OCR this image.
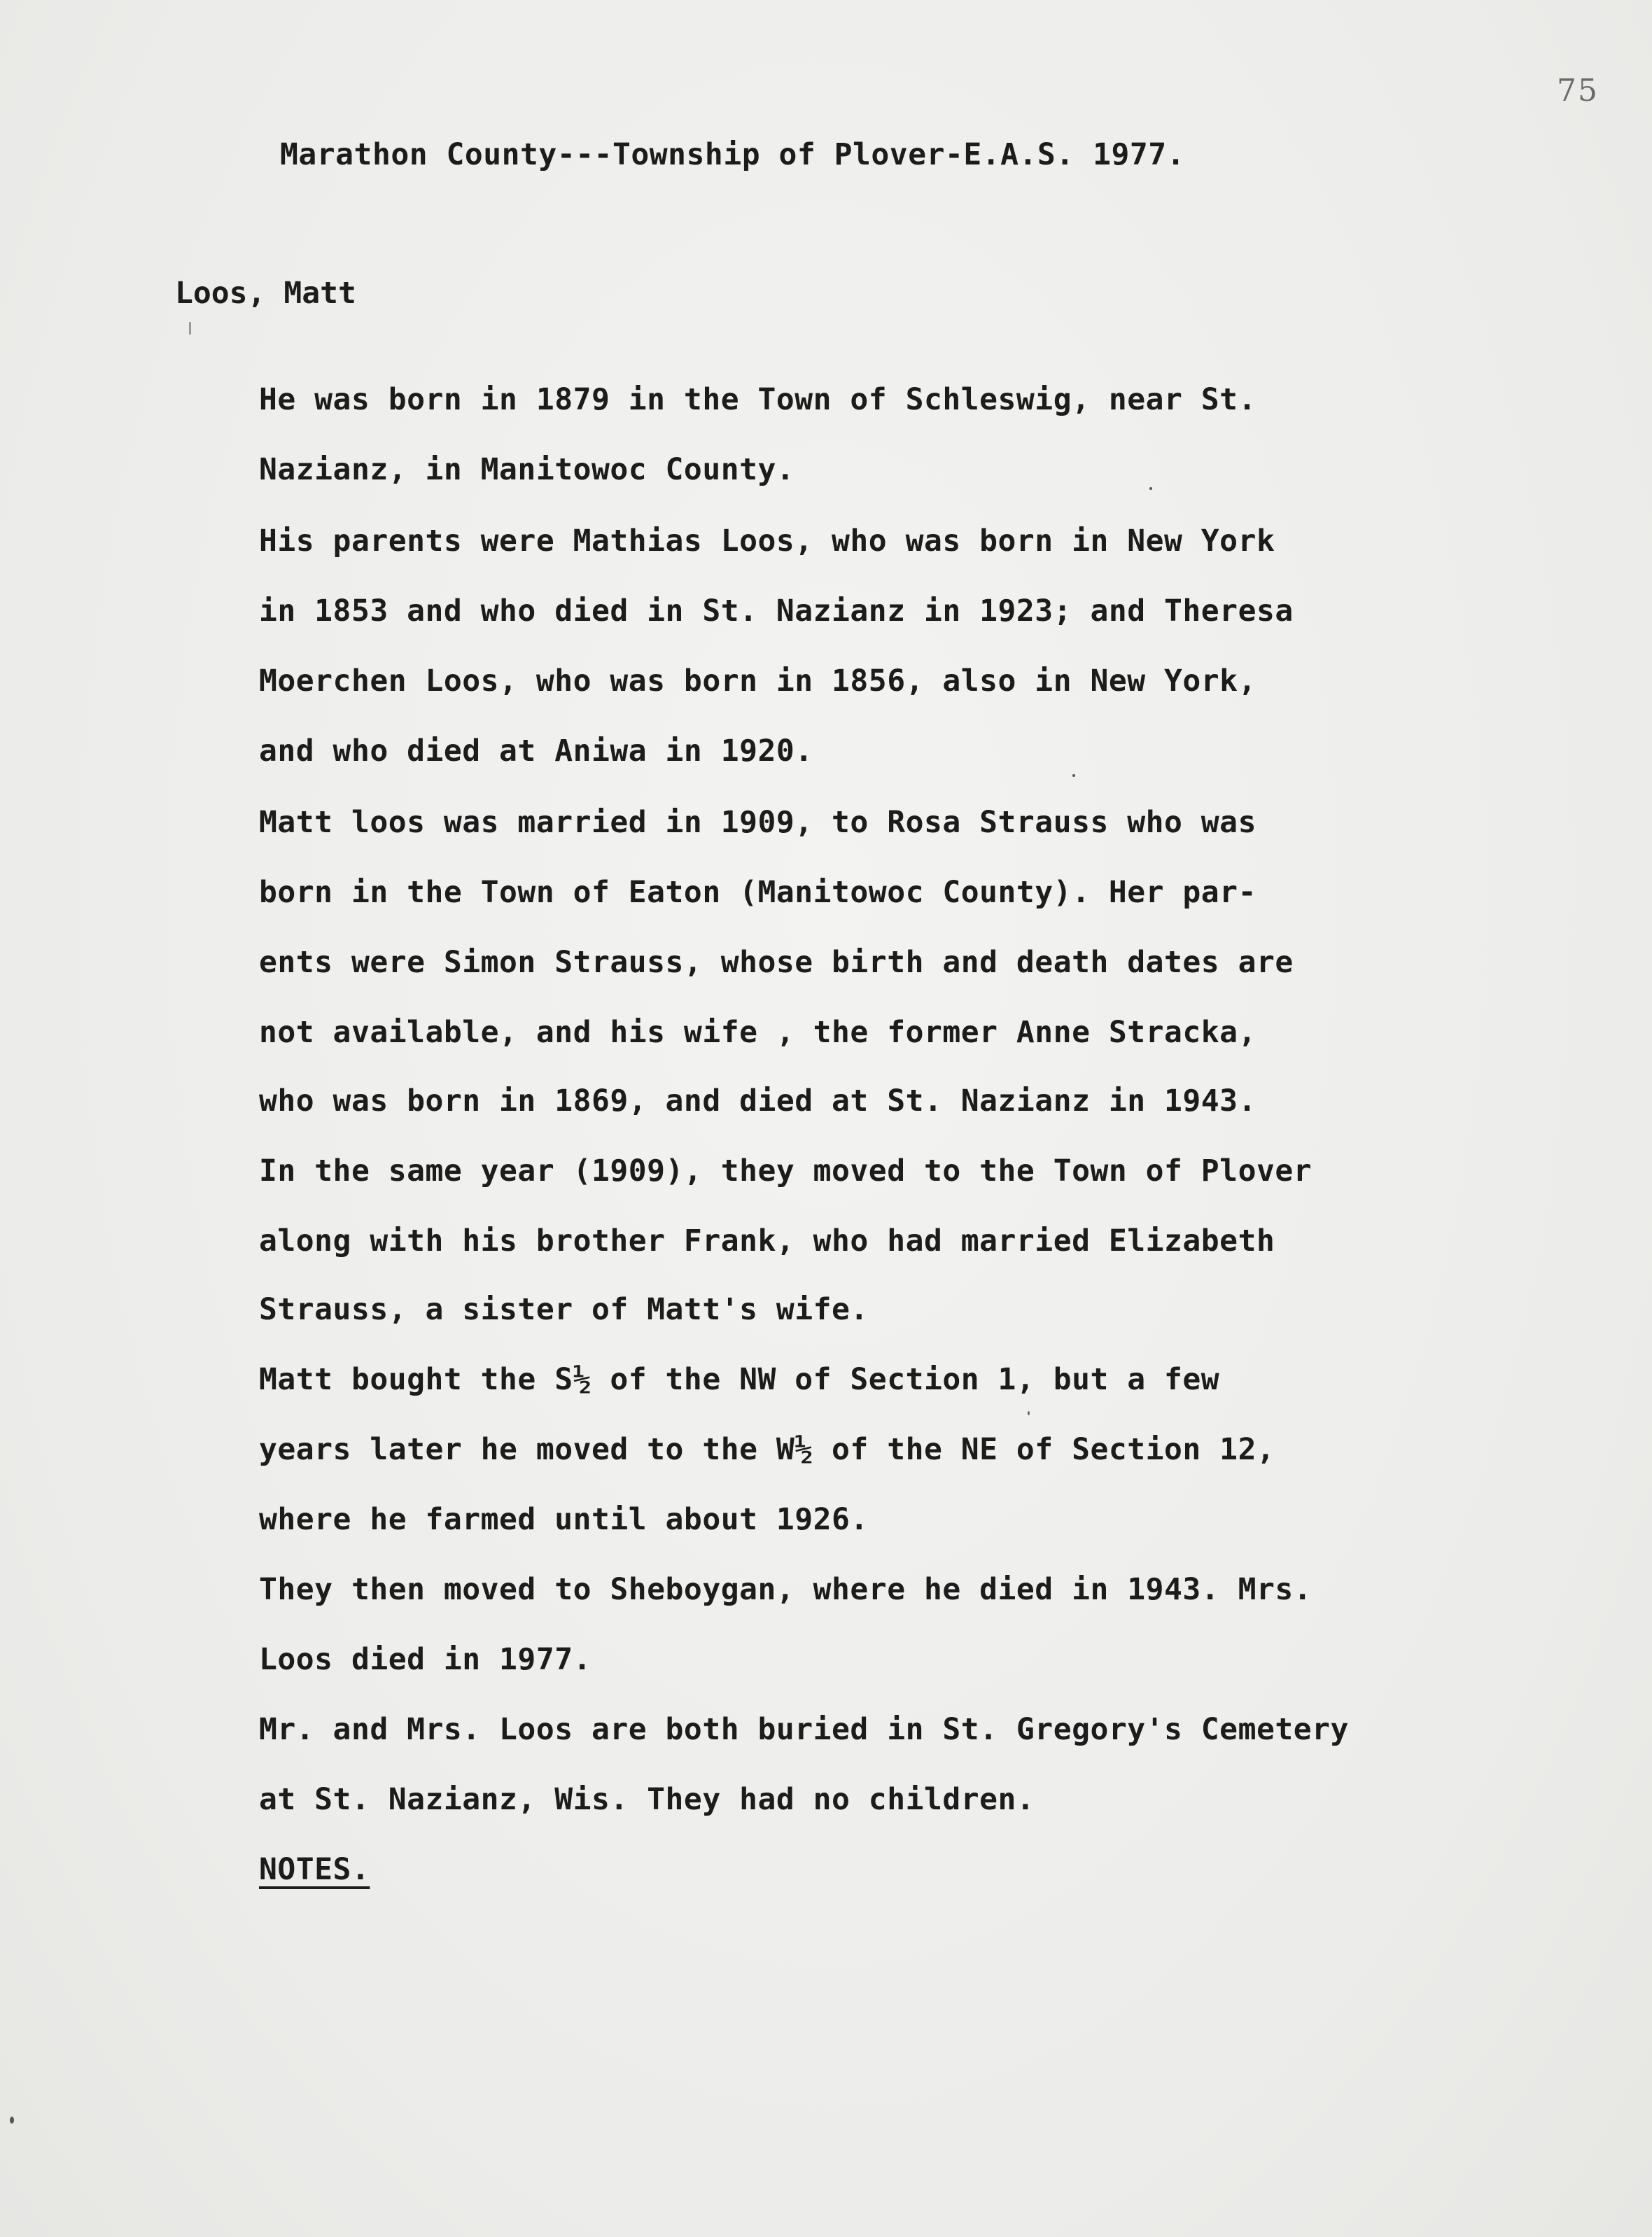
75
Marathon County---Township of Plover-E.A.S. 1977.
Loos, Matt
He was born in 1879 in the Town of Schleswig, near St.
Nazianz, in Manitowoc County.
His parents were Mathias Loos, who was born in New York
in 1853 and who died in St. Nazianz in 1923; and Theresa
Moerchen Loos, who was born in 1856, also in New York,
and who died at Aniwa in 1920.
Matt loos was married in 1909, to Rosa Strauss who was
born in the Town of Eaton (Manitowoc County). Her par-
ents were Simon Strauss, whose birth and death dates are
not available, and his wife , the former Anne Stracka,
who was born in 1869, and died at St. Nazianz in 1943.
In the same year (1909), they moved to the Town of Plover
along with his brother Frank, who had married Elizabeth
Strauss, a sister of Matt's wife.
Matt bought the S½ of the NW of Section 1, but a few
years later he moved to the W½ of the NE of Section 12,
where he farmed until about 1926.
They then moved to Sheboygan, where he died in 1943. Mrs.
Loos died in 1977.
Mr. and Mrs. Loos are both buried in St. Gregory's Cemetery
at St. Nazianz, Wis. They had no children.
NOTES.
